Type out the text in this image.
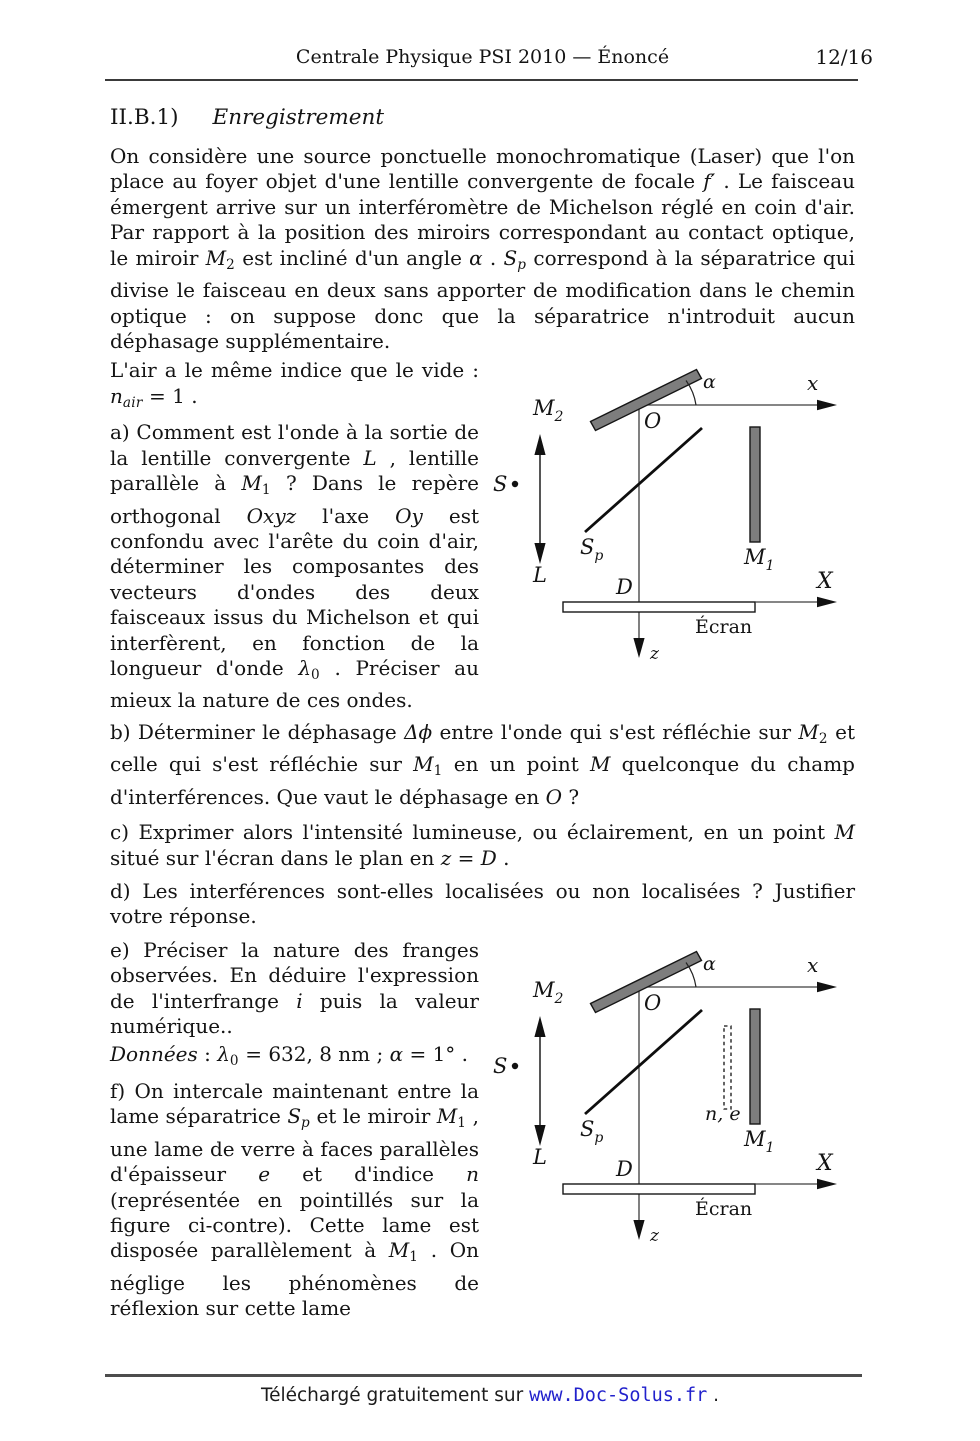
Centrale Physique PSI 2010 — Énoncé	12/16
II.B.1) Enregistrement

On considère une source ponctuelle monochromatique (Laser) que l'on place au foyer objet d'une lentille convergente de focale f′ . Le faisceau émergent arrive sur un interféromètre de Michelson réglé en coin d'air. Par rapport à la position des miroirs correspondant au contact optique, le miroir $M_2$ est incliné d'un angle α . $S_p$ correspond à la séparatrice qui divise le faisceau en deux sans apporter de modification dans le chemin optique : on suppose donc que la séparatrice n'introduit aucun déphasage supplémentaire.

x
z
$M_2$
α
O
S
L
$S_p$	$M_1$
D	X
Écran

L'air a le même indice que le vide : $n_{air} = 1$ .

a) Comment est l'onde à la sortie de la lentille convergente L , lentille parallèle à $M_1$ ? Dans le repère orthogonal Oxyz l'axe Oy est confondu avec l'arête du coin d'air, déterminer les composantes des vecteurs d'ondes des deux faisceaux issus du Michelson et qui interfèrent, en fonction de la longueur d'onde $\lambda_0$ . Préciser au mieux la nature de ces ondes.

b) Déterminer le déphasage Δϕ entre l'onde qui s'est réfléchie sur $M_2$ et celle qui s'est réfléchie sur $M_1$ en un point M quelconque du champ d'interférences. Que vaut le déphasage en O ?

c) Exprimer alors l'intensité lumineuse, ou éclairement, en un point M situé sur l'écran dans le plan en z = D .

d) Les interférences sont-elles localisées ou non localisées ? Justifier votre réponse.

x
z
$M_2$
α
O
S
L
$S_p$
n, e
$M_1$
D	X
Écran

e) Préciser la nature des franges observées. En déduire l'expression de l'interfrange i puis la valeur numérique..

Données : $\lambda_0 = 632$, 8 nm ; α = 1° .

f) On intercale maintenant entre la lame séparatrice $S_p$ et le miroir $M_1$ , une lame de verre à faces parallèles d'épaisseur e et d'indice n (représentée en pointillés sur la figure ci-contre). Cette lame est disposée parallèlement à $M_1$ . On néglige les phénomènes de réflexion sur cette lame

Téléchargé gratuitement sur www.Doc-Solus.fr .
